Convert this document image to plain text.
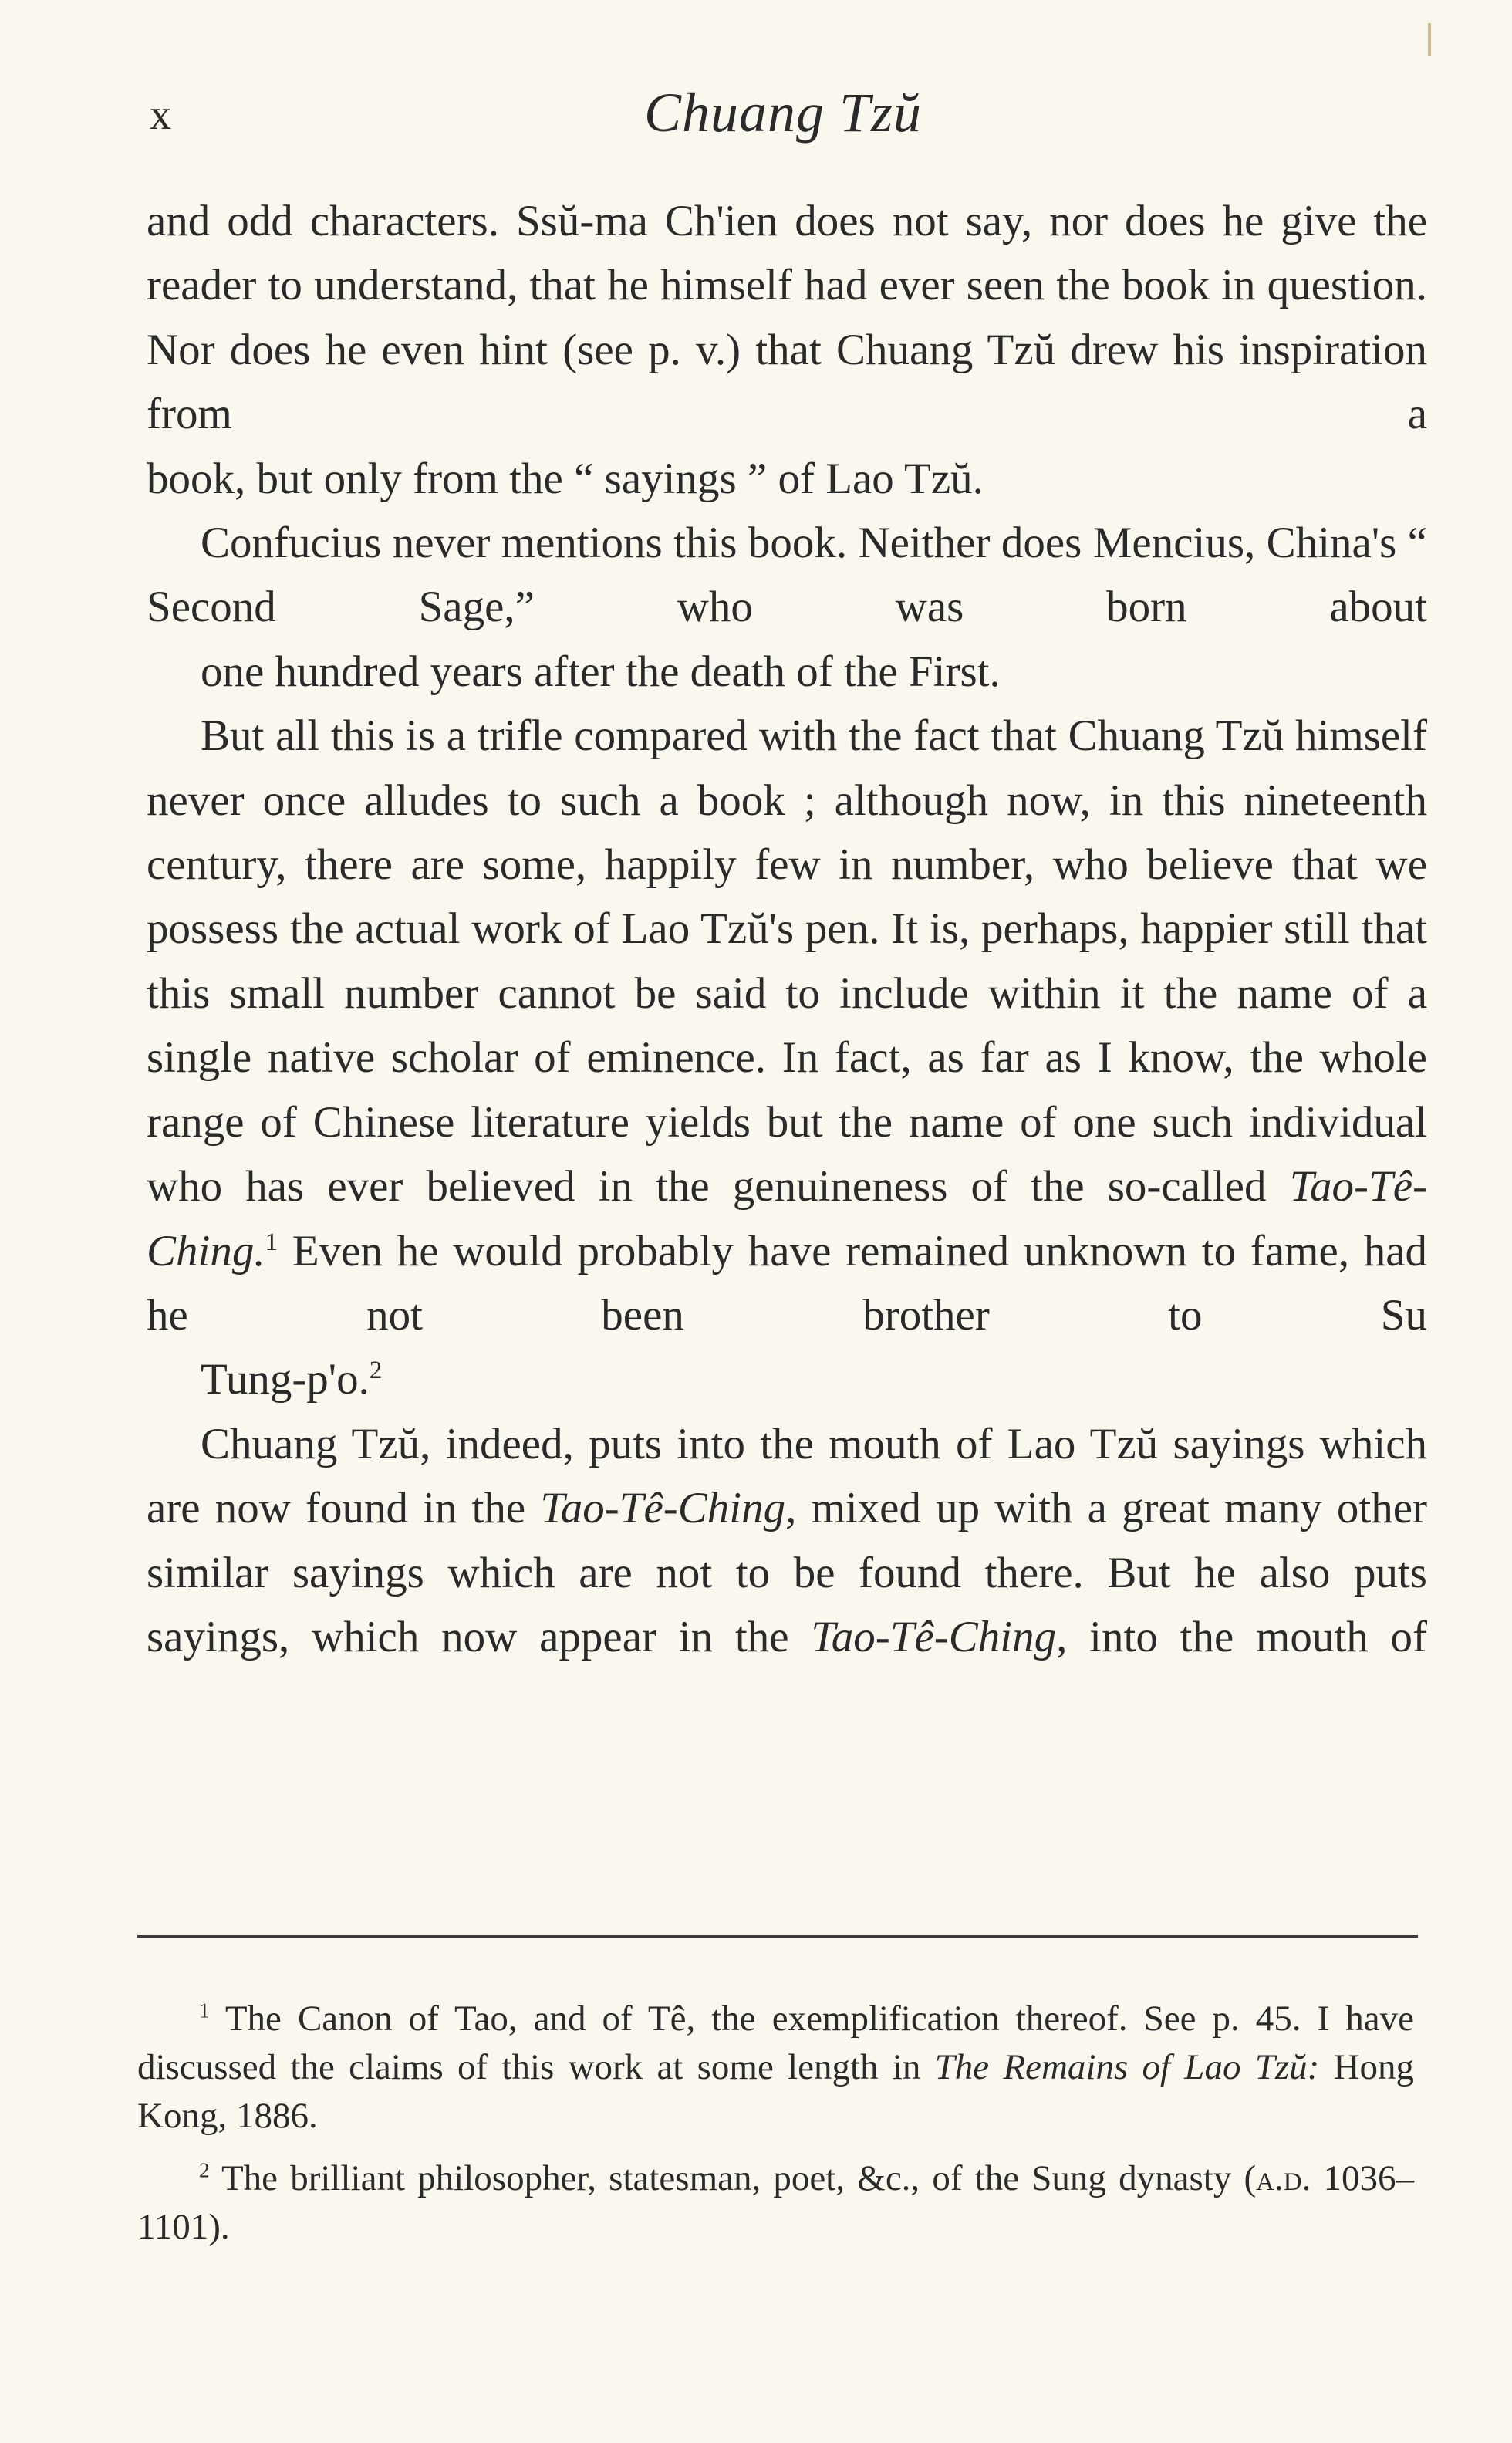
x	Chuang Tzŭ

and odd characters. Ssŭ-ma Ch'ien does not say, nor does he give the reader to understand, that he himself had ever seen the book in question. Nor does he even hint (see p. v.) that Chuang Tzŭ drew his inspiration from a
book, but only from the “ sayings ” of Lao Tzŭ.

Confucius never mentions this book. Neither does Mencius, China's “ Second Sage,” who was born about
one hundred years after the death of the First.

But all this is a trifle compared with the fact that Chuang Tzŭ himself never once alludes to such a book ; although now, in this nineteenth century, there are some, happily few in number, who believe that we possess the actual work of Lao Tzŭ's pen. It is, perhaps, happier still that this small number cannot be said to include within it the name of a single native scholar of eminence. In fact, as far as I know, the whole range of Chinese literature yields but the name of one such individual who has ever believed in the genuineness of the so-called Tao-Tê-Ching.$^1$ Even he would probably have remained unknown to fame, had he not been brother to Su
Tung-p'o.$^2$

Chuang Tzŭ, indeed, puts into the mouth of Lao Tzŭ sayings which are now found in the Tao-Tê-Ching, mixed up with a great many other similar sayings which are not to be found there. But he also puts sayings, which now appear in the Tao-Tê-Ching, into the mouth of

$^1$ The Canon of Tao, and of Tê, the exemplification thereof. See p. 45. I have discussed the claims of this work at some length in The Remains of Lao Tzŭ: Hong Kong, 1886.

$^2$ The brilliant philosopher, statesman, poet, &c., of the Sung dynasty (a.d. 1036–1101).
